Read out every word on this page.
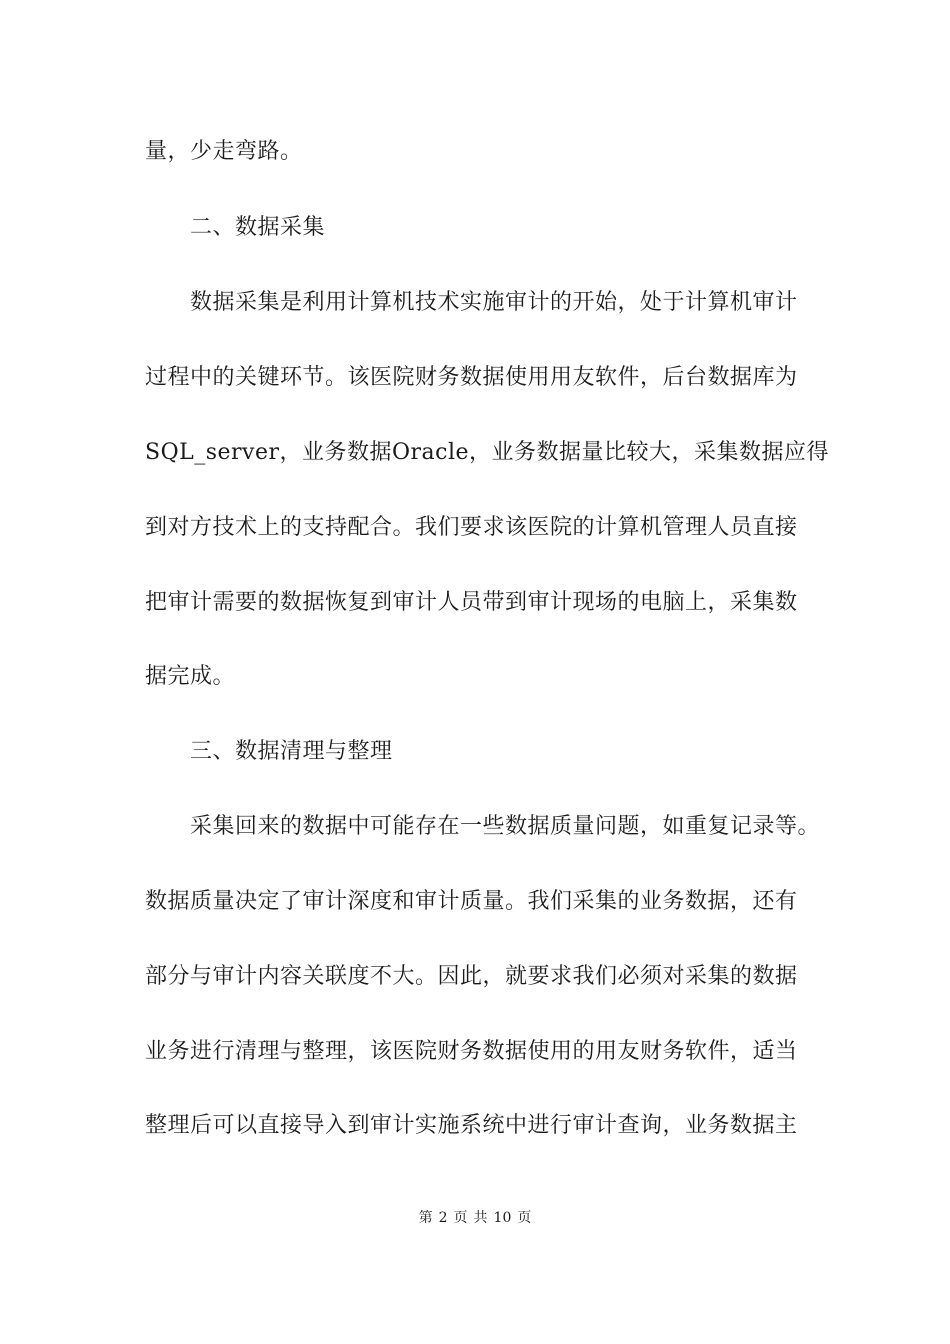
量，少走弯路。
二、数据采集
数据采集是利用计算机技术实施审计的开始，处于计算机审计
过程中的关键环节。该医院财务数据使用用友软件，后台数据库为
SQL_server，业务数据Oracle，业务数据量比较大，采集数据应得
到对方技术上的支持配合。我们要求该医院的计算机管理人员直接
把审计需要的数据恢复到审计人员带到审计现场的电脑上，采集数
据完成。
三、数据清理与整理
采集回来的数据中可能存在一些数据质量问题，如重复记录等。
数据质量决定了审计深度和审计质量。我们采集的业务数据，还有
部分与审计内容关联度不大。因此，就要求我们必须对采集的数据
业务进行清理与整理，该医院财务数据使用的用友财务软件，适当
整理后可以直接导入到审计实施系统中进行审计查询，业务数据主
第 2 页 共 10 页
